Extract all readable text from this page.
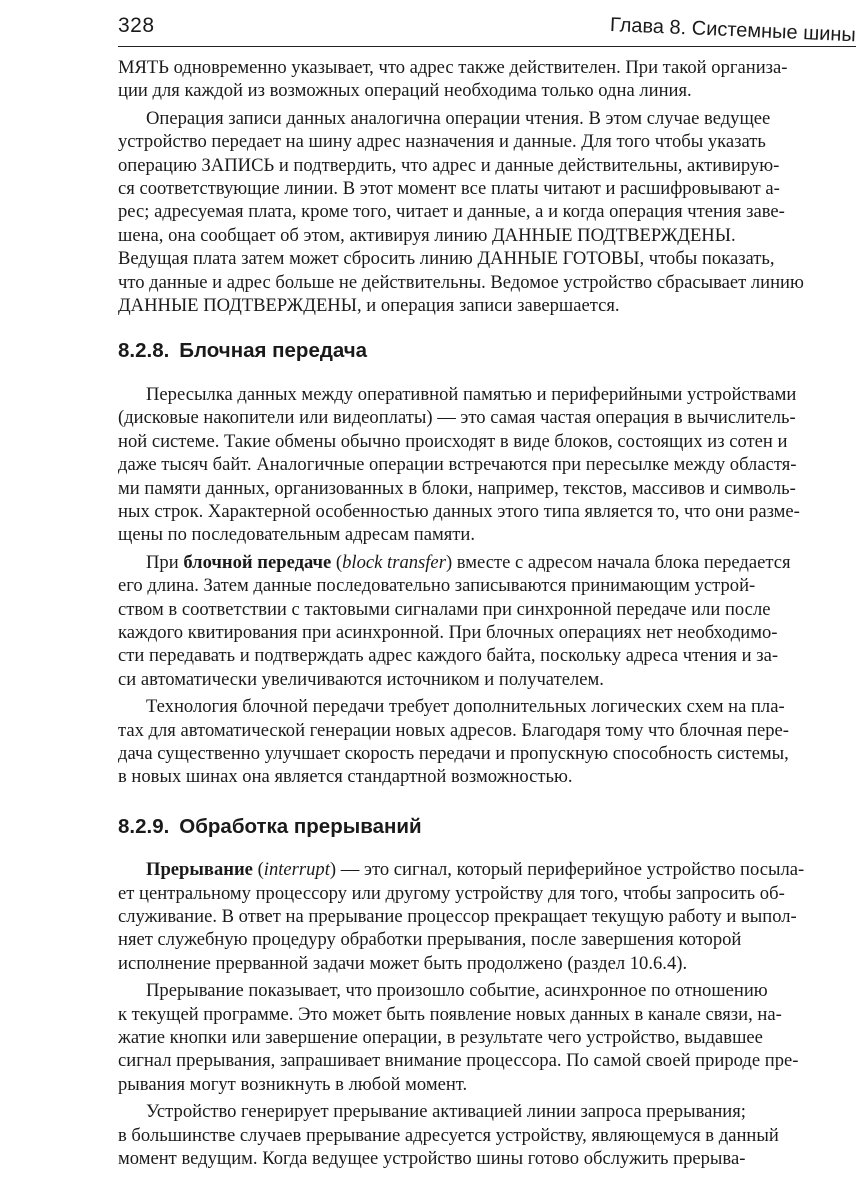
328	Глава 8. Системные шины

МЯТЬ одновременно указывает, что адрес также действителен. При такой организа-
ции для каждой из возможных операций необходима только одна линия.

Операция записи данных аналогична операции чтения. В этом случае ведущее
устройство передает на шину адрес назначения и данные. Для того чтобы указать
операцию ЗАПИСЬ и подтвердить, что адрес и данные действительны, активирую-
ся соответствующие линии. В этот момент все платы читают и расшифровывают а-
рес; адресуемая плата, кроме того, читает и данные, а и когда операция чтения заве-
шена, она сообщает об этом, активируя линию ДАННЫЕ ПОДТВЕРЖДЕНЫ.
Ведущая плата затем может сбросить линию ДАННЫЕ ГОТОВЫ, чтобы показать,
что данные и адрес больше не действительны. Ведомое устройство сбрасывает линию
ДАННЫЕ ПОДТВЕРЖДЕНЫ, и операция записи завершается.

8.2.8. Блочная передача

Пересылка данных между оперативной памятью и периферийными устройствами
(дисковые накопители или видеоплаты) — это самая частая операция в вычислитель-
ной системе. Такие обмены обычно происходят в виде блоков, состоящих из сотен и
даже тысяч байт. Аналогичные операции встречаются при пересылке между областя-
ми памяти данных, организованных в блоки, например, текстов, массивов и символь-
ных строк. Характерной особенностью данных этого типа является то, что они разме-
щены по последовательным адресам памяти.

При блочной передаче (block transfer) вместе с адресом начала блока передается
его длина. Затем данные последовательно записываются принимающим устрой-
ством в соответствии с тактовыми сигналами при синхронной передаче или после
каждого квитирования при асинхронной. При блочных операциях нет необходимо-
сти передавать и подтверждать адрес каждого байта, поскольку адреса чтения и за-
си автоматически увеличиваются источником и получателем.

Технология блочной передачи требует дополнительных логических схем на пла-
тах для автоматической генерации новых адресов. Благодаря тому что блочная пере-
дача существенно улучшает скорость передачи и пропускную способность системы,
в новых шинах она является стандартной возможностью.

8.2.9. Обработка прерываний

Прерывание (interrupt) — это сигнал, который периферийное устройство посыла-
ет центральному процессору или другому устройству для того, чтобы запросить об-
служивание. В ответ на прерывание процессор прекращает текущую работу и выпол-
няет служебную процедуру обработки прерывания, после завершения которой
исполнение прерванной задачи может быть продолжено (раздел 10.6.4).

Прерывание показывает, что произошло событие, асинхронное по отношению
к текущей программе. Это может быть появление новых данных в канале связи, на-
жатие кнопки или завершение операции, в результате чего устройство, выдавшее
сигнал прерывания, запрашивает внимание процессора. По самой своей природе пре-
рывания могут возникнуть в любой момент.

Устройство генерирует прерывание активацией линии запроса прерывания;
в большинстве случаев прерывание адресуется устройству, являющемуся в данный
момент ведущим. Когда ведущее устройство шины готово обслужить прерыва-
